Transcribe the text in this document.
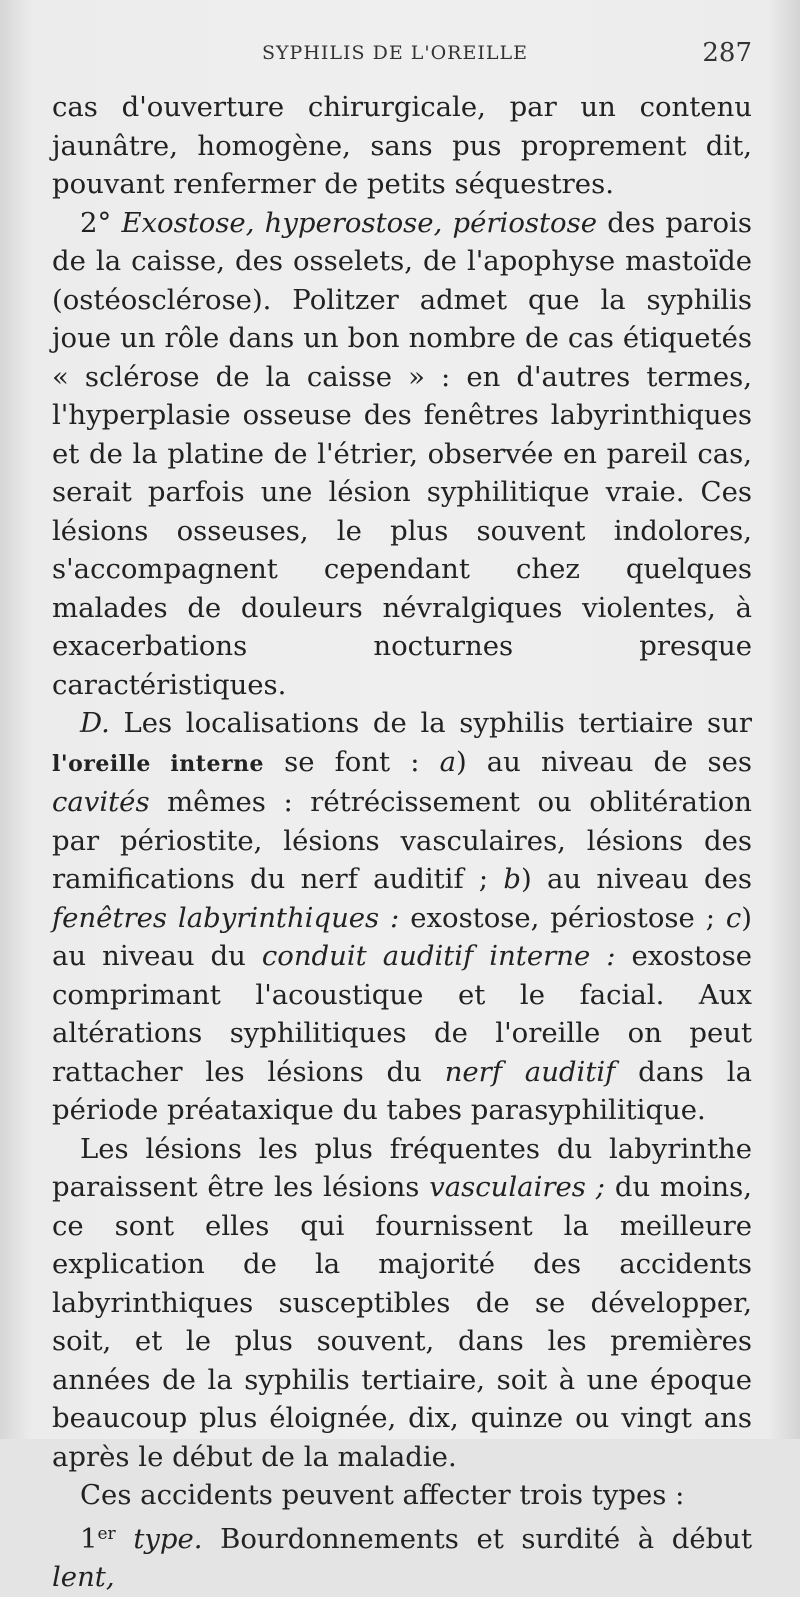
SYPHILIS DE L'OREILLE	287

cas d'ouverture chirurgicale, par un contenu jaunâtre, homogène, sans pus proprement dit, pouvant renfermer de petits séquestres.

2° Exostose, hyperostose, périostose des parois de la caisse, des osselets, de l'apophyse mastoïde (ostéosclérose). Politzer admet que la syphilis joue un rôle dans un bon nombre de cas étiquetés « sclérose de la caisse » : en d'autres termes, l'hyperplasie osseuse des fenêtres labyrinthiques et de la platine de l'étrier, observée en pareil cas, serait parfois une lésion syphilitique vraie. Ces lésions osseuses, le plus souvent indolores, s'accompagnent cependant chez quelques malades de douleurs névralgiques violentes, à exacerbations nocturnes presque caractéristiques.

D. Les localisations de la syphilis tertiaire sur l'oreille interne se font : a) au niveau de ses cavités mêmes : rétrécissement ou oblitération par périostite, lésions vasculaires, lésions des ramifications du nerf auditif ; b) au niveau des fenêtres labyrinthiques : exostose, périostose ; c) au niveau du conduit auditif interne : exostose comprimant l'acoustique et le facial. Aux altérations syphilitiques de l'oreille on peut rattacher les lésions du nerf auditif dans la période préataxique du tabes parasyphilitique.

Les lésions les plus fréquentes du labyrinthe paraissent être les lésions vasculaires ; du moins, ce sont elles qui fournissent la meilleure explication de la majorité des accidents labyrinthiques susceptibles de se développer, soit, et le plus souvent, dans les premières années de la syphilis tertiaire, soit à une époque beaucoup plus éloignée, dix, quinze ou vingt ans après le début de la maladie.

Ces accidents peuvent affecter trois types :

1er type. Bourdonnements et surdité à début lent,
